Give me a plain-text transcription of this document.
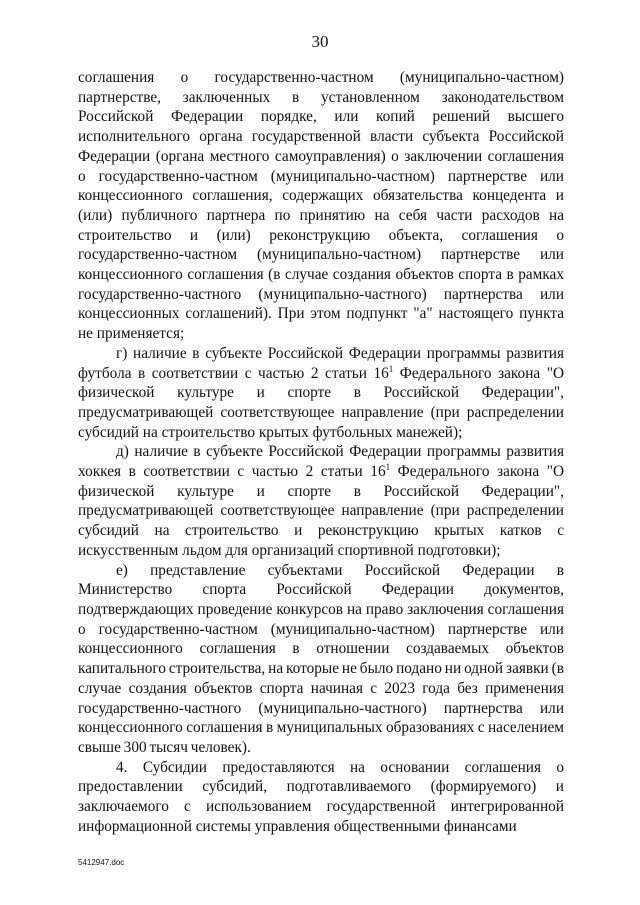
30

соглашения о государственно-частном (муниципально-частном) партнерстве, заключенных в установленном законодательством Российской Федерации порядке, или копий решений высшего исполнительного органа государственной власти субъекта Российской Федерации (органа местного самоуправления) о заключении соглашения о государственно-частном (муниципально-частном) партнерстве или концессионного соглашения, содержащих обязательства концедента и (или) публичного партнера по принятию на себя части расходов на строительство и (или) реконструкцию объекта, соглашения о государственно-частном (муниципально-частном) партнерстве или концессионного соглашения (в случае создания объектов спорта в рамках государственно-частного (муниципально-частного) партнерства или концессионных соглашений). При этом подпункт "а" настоящего пункта не применяется;

г) наличие в субъекте Российской Федерации программы развития футбола в соответствии с частью 2 статьи $16^1$ Федерального закона "О физической культуре и спорте в Российской Федерации", предусматривающей соответствующее направление (при распределении субсидий на строительство крытых футбольных манежей);

д) наличие в субъекте Российской Федерации программы развития хоккея в соответствии с частью 2 статьи $16^1$ Федерального закона "О физической культуре и спорте в Российской Федерации", предусматривающей соответствующее направление (при распределении субсидий на строительство и реконструкцию крытых катков с искусственным льдом для организаций спортивной подготовки);

е) представление субъектами Российской Федерации в Министерство спорта Российской Федерации документов, подтверждающих проведение конкурсов на право заключения соглашения о государственно-частном (муниципально-частном) партнерстве или концессионного соглашения в отношении создаваемых объектов капитального строительства, на которые не было подано ни одной заявки (в случае создания объектов спорта начиная с 2023 года без применения государственно-частного (муниципально-частного) партнерства или концессионного соглашения в муниципальных образованиях с населением свыше 300 тысяч человек).

4. Субсидии предоставляются на основании соглашения о предоставлении субсидий, подготавливаемого (формируемого) и заключаемого с использованием государственной интегрированной информационной системы управления общественными финансами

5412947.doc
